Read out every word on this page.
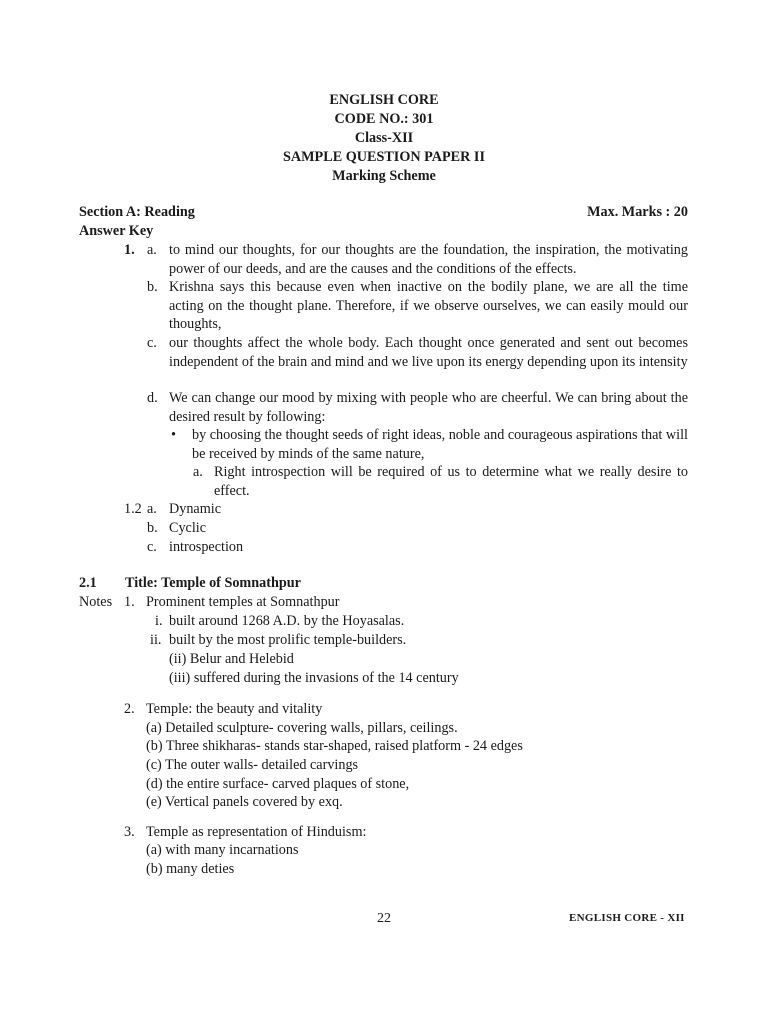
ENGLISH CORE
CODE NO.: 301
Class-XII
SAMPLE QUESTION PAPER II
Marking Scheme
Section A: Reading	Max. Marks : 20
Answer Key
1. a. to mind our thoughts, for our thoughts are the foundation, the inspiration, the motivating power of our deeds, and are the causes and the conditions of the effects.
b. Krishna says this because even when inactive on the bodily plane, we are all the time acting on the thought plane. Therefore, if we observe ourselves, we can easily mould our thoughts,
c. our thoughts affect the whole body. Each thought once generated and sent out becomes independent of the brain and mind and we live upon its energy depending upon its intensity
d. We can change our mood by mixing with people who are cheerful. We can bring about the desired result by following:
• by choosing the thought seeds of right ideas, noble and courageous aspirations that will be received by minds of the same nature,
a. Right introspection will be required of us to determine what we really desire to effect.
1.2 a. Dynamic
b. Cyclic
c. introspection
2.1 Title: Temple of Somnathpur
Notes 1. Prominent temples at Somnathpur
i. built around 1268 A.D. by the Hoyasalas.
ii. built by the most prolific temple-builders.
(ii) Belur and Helebid
(iii) suffered during the invasions of the 14 century
2. Temple: the beauty and vitality
(a) Detailed sculpture- covering walls, pillars, ceilings.
(b) Three shikharas- stands star-shaped, raised platform - 24 edges
(c) The outer walls- detailed carvings
(d) the entire surface- carved plaques of stone,
(e) Vertical panels covered by exq.
3. Temple as representation of Hinduism:
(a) with many incarnations
(b) many deties
22	ENGLISH CORE - XII
